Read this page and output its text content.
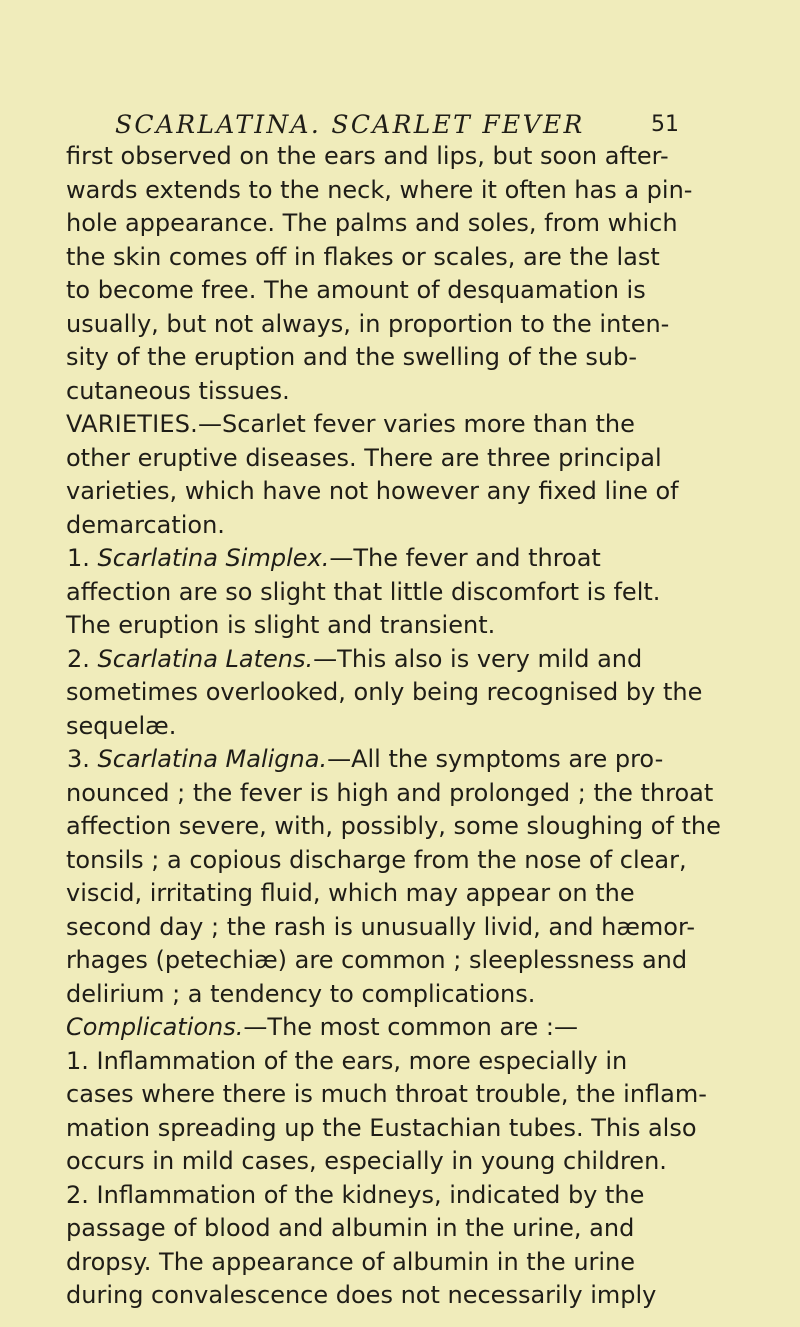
SCARLATINA. SCARLET FEVER	51
first observed on the ears and lips, but soon after-
wards extends to the neck, where it often has a pin-
hole appearance. The palms and soles, from which
the skin comes off in flakes or scales, are the last
to become free. The amount of desquamation is
usually, but not always, in proportion to the inten-
sity of the eruption and the swelling of the sub-
cutaneous tissues.
VARIETIES.—Scarlet fever varies more than the
other eruptive diseases. There are three principal
varieties, which have not however any fixed line of
demarcation.
1. Scarlatina Simplex.—The fever and throat
affection are so slight that little discomfort is felt.
The eruption is slight and transient.
2. Scarlatina Latens.—This also is very mild and
sometimes overlooked, only being recognised by the
sequelæ.
3. Scarlatina Maligna.—All the symptoms are pro-
nounced ; the fever is high and prolonged ; the throat
affection severe, with, possibly, some sloughing of the
tonsils ; a copious discharge from the nose of clear,
viscid, irritating fluid, which may appear on the
second day ; the rash is unusually livid, and hæmor-
rhages (petechiæ) are common ; sleeplessness and
delirium ; a tendency to complications.
Complications.—The most common are :—
1. Inflammation of the ears, more especially in
cases where there is much throat trouble, the inflam-
mation spreading up the Eustachian tubes. This also
occurs in mild cases, especially in young children.
2. Inflammation of the kidneys, indicated by the
passage of blood and albumin in the urine, and
dropsy. The appearance of albumin in the urine
during convalescence does not necessarily imply
